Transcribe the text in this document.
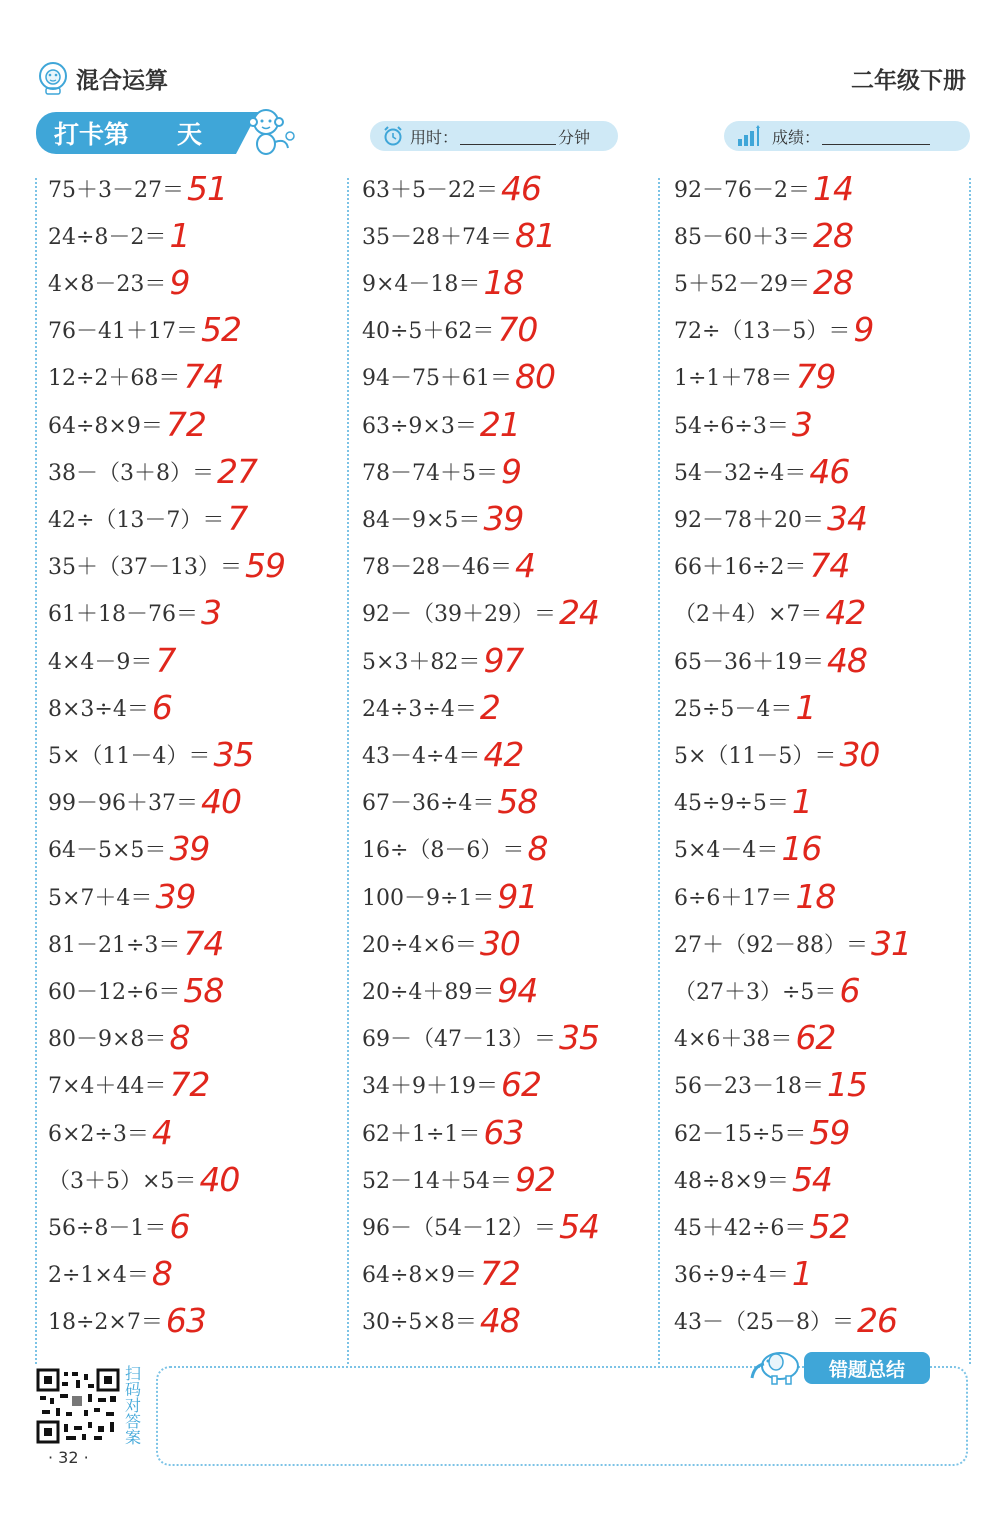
混合运算	二年级下册
打卡第 天	用时：	分钟	成绩：
75＋3－27＝ 51
24÷8－2＝ 1
4×8－23＝ 9
76－41＋17＝ 52
12÷2＋68＝ 74
64÷8×9＝ 72
38－（3＋8）＝ 27
42÷（13－7）＝ 7
35＋（37－13）＝ 59
61＋18－76＝ 3
4×4－9＝ 7
8×3÷4＝ 6
5×（11－4）＝ 35
99－96＋37＝ 40
64－5×5＝ 39
5×7＋4＝ 39
81－21÷3＝ 74
60－12÷6＝ 58
80－9×8＝ 8
7×4＋44＝ 72
6×2÷3＝ 4
（3＋5）×5＝ 40
56÷8－1＝ 6
2÷1×4＝ 8
18÷2×7＝ 63
63＋5－22＝ 46
35－28＋74＝ 81
9×4－18＝ 18
40÷5＋62＝ 70
94－75＋61＝ 80
63÷9×3＝ 21
78－74＋5＝ 9
84－9×5＝ 39
78－28－46＝ 4
92－（39＋29）＝ 24
5×3＋82＝ 97
24÷3÷4＝ 2
43－4÷4＝ 42
67－36÷4＝ 58
16÷（8－6）＝ 8
100－9÷1＝ 91
20÷4×6＝ 30
20÷4＋89＝ 94
69－（47－13）＝ 35
34＋9＋19＝ 62
62＋1÷1＝ 63
52－14＋54＝ 92
96－（54－12）＝ 54
64÷8×9＝ 72
30÷5×8＝ 48
92－76－2＝ 14
85－60＋3＝ 28
5＋52－29＝ 28
72÷（13－5）＝ 9
1÷1＋78＝ 79
54÷6÷3＝ 3
54－32÷4＝ 46
92－78＋20＝ 34
66＋16÷2＝ 74
（2＋4）×7＝ 42
65－36＋19＝ 48
25÷5－4＝ 1
5×（11－5）＝ 30
45÷9÷5＝ 1
5×4－4＝ 16
6÷6＋17＝ 18
27＋（92－88）＝ 31
（27＋3）÷5＝ 6
4×6＋38＝ 62
56－23－18＝ 15
62－15÷5＝ 59
48÷8×9＝ 54
45＋42÷6＝ 52
36÷9÷4＝ 1
43－（25－8）＝ 26
扫码对答案
· 32 ·
错题总结
